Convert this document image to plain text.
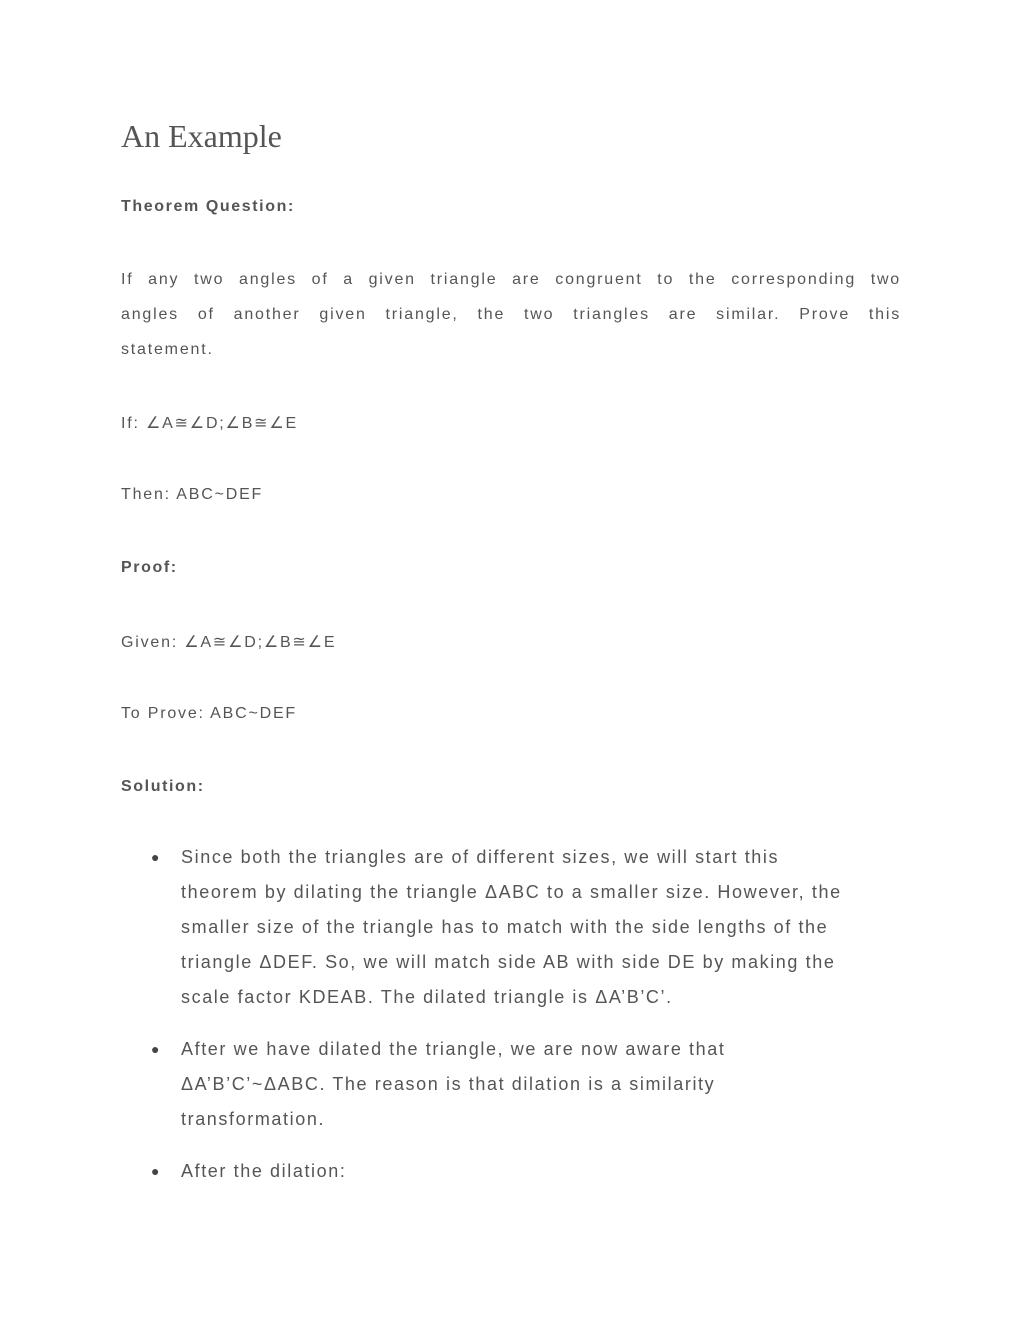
An Example

Theorem Question:

If any two angles of a given triangle are congruent to the corresponding two angles of another given triangle, the two triangles are similar. Prove this statement.

If: ∠A≅∠D;∠B≅∠E

Then: ABC~DEF

Proof:

Given: ∠A≅∠D;∠B≅∠E

To Prove: ABC~DEF

Solution:

● Since both the triangles are of different sizes, we will start this theorem by dilating the triangle ΔABC to a smaller size. However, the smaller size of the triangle has to match with the side lengths of the triangle ΔDEF. So, we will match side AB with side DE by making the scale factor KDEAB. The dilated triangle is ΔA’B’C’.
● After we have dilated the triangle, we are now aware that ΔA’B’C’~ΔABC. The reason is that dilation is a similarity transformation.
● After the dilation:
